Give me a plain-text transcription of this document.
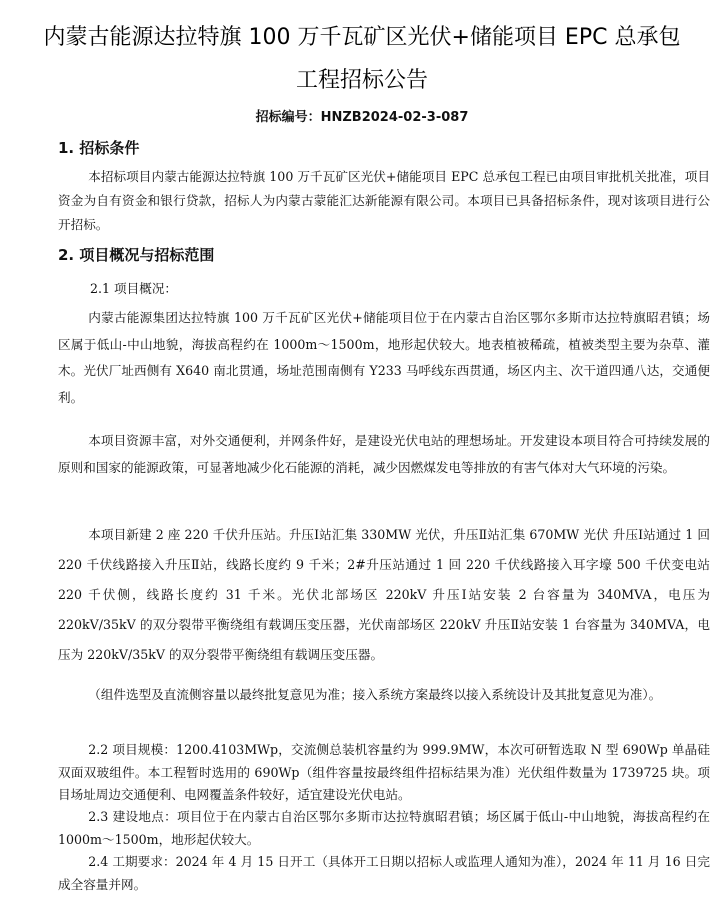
内蒙古能源达拉特旗 100 万千瓦矿区光伏+储能项目 EPC 总承包
工程招标公告
招标编号：HNZB2024-02-3-087
1. 招标条件
本招标项目内蒙古能源达拉特旗 100 万千瓦矿区光伏+储能项目 EPC 总承包工程已由项目审批机关批准，项目资金为自有资金和银行贷款，招标人为内蒙古蒙能汇达新能源有限公司。本项目已具备招标条件，现对该项目进行公开招标。
2. 项目概况与招标范围
2.1 项目概况：
内蒙古能源集团达拉特旗 100 万千瓦矿区光伏+储能项目位于在内蒙古自治区鄂尔多斯市达拉特旗昭君镇；场区属于低山-中山地貌，海拔高程约在 1000m～1500m，地形起伏较大。地表植被稀疏，植被类型主要为杂草、灌木。光伏厂址西侧有 X640 南北贯通，场址范围南侧有 Y233 马呼线东西贯通，场区内主、次干道四通八达，交通便利。
本项目资源丰富，对外交通便利，并网条件好，是建设光伏电站的理想场址。开发建设本项目符合可持续发展的原则和国家的能源政策，可显著地减少化石能源的消耗，减少因燃煤发电等排放的有害气体对大气环境的污染。
本项目新建 2 座 220 千伏升压站。升压Ⅰ站汇集 330MW 光伏，升压Ⅱ站汇集 670MW 光伏 升压Ⅰ站通过 1 回 220 千伏线路接入升压Ⅱ站，线路长度约 9 千米；2#升压站通过 1 回 220 千伏线路接入耳字壕 500 千伏变电站 220 千伏侧，线路长度约 31 千米。光伏北部场区 220kV 升压Ⅰ站安装 2 台容量为 340MVA，电压为 220kV/35kV 的双分裂带平衡绕组有载调压变压器，光伏南部场区 220kV 升压Ⅱ站安装 1 台容量为 340MVA，电压为 220kV/35kV 的双分裂带平衡绕组有载调压变压器。
（组件选型及直流侧容量以最终批复意见为准；接入系统方案最终以接入系统设计及其批复意见为准）。
2.2 项目规模：1200.4103MWp，交流侧总装机容量约为 999.9MW，本次可研暂选取 N 型 690Wp 单晶硅双面双玻组件。本工程暂时选用的 690Wp（组件容量按最终组件招标结果为准）光伏组件数量为 1739725 块。项目场址周边交通便利、电网覆盖条件较好，适宜建设光伏电站。
2.3 建设地点：项目位于在内蒙古自治区鄂尔多斯市达拉特旗昭君镇；场区属于低山-中山地貌，海拔高程约在 1000m～1500m，地形起伏较大。
2.4 工期要求：2024 年 4 月 15 日开工（具体开工日期以招标人或监理人通知为准），2024 年 11 月 16 日完成全容量并网。
